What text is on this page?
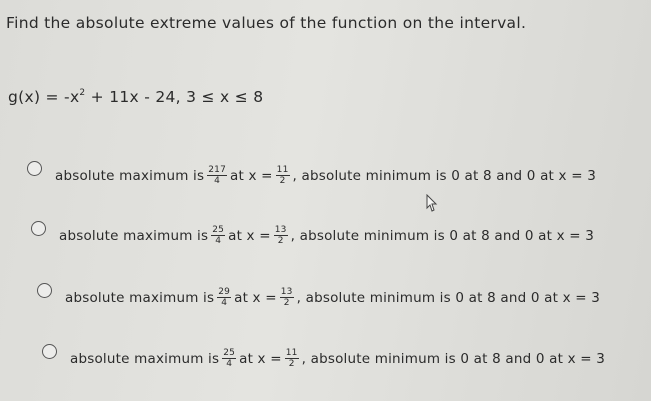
Find the absolute extreme values of the function on the interval.
$g(x) = -x^2 + 11x - 24$, 3 ≤ x ≤ 8
absolute maximum is $\frac{217}{4}$ at $x = \frac{11}{2}$ , absolute minimum is 0 at 8 and 0 at x = 3
absolute maximum is $\frac{25}{4}$ at $x = \frac{13}{2}$ , absolute minimum is 0 at 8 and 0 at x = 3
absolute maximum is $\frac{29}{4}$ at $x = \frac{13}{2}$ , absolute minimum is 0 at 8 and 0 at x = 3
absolute maximum is $\frac{25}{4}$ at $x = \frac{11}{2}$ , absolute minimum is 0 at 8 and 0 at x = 3
